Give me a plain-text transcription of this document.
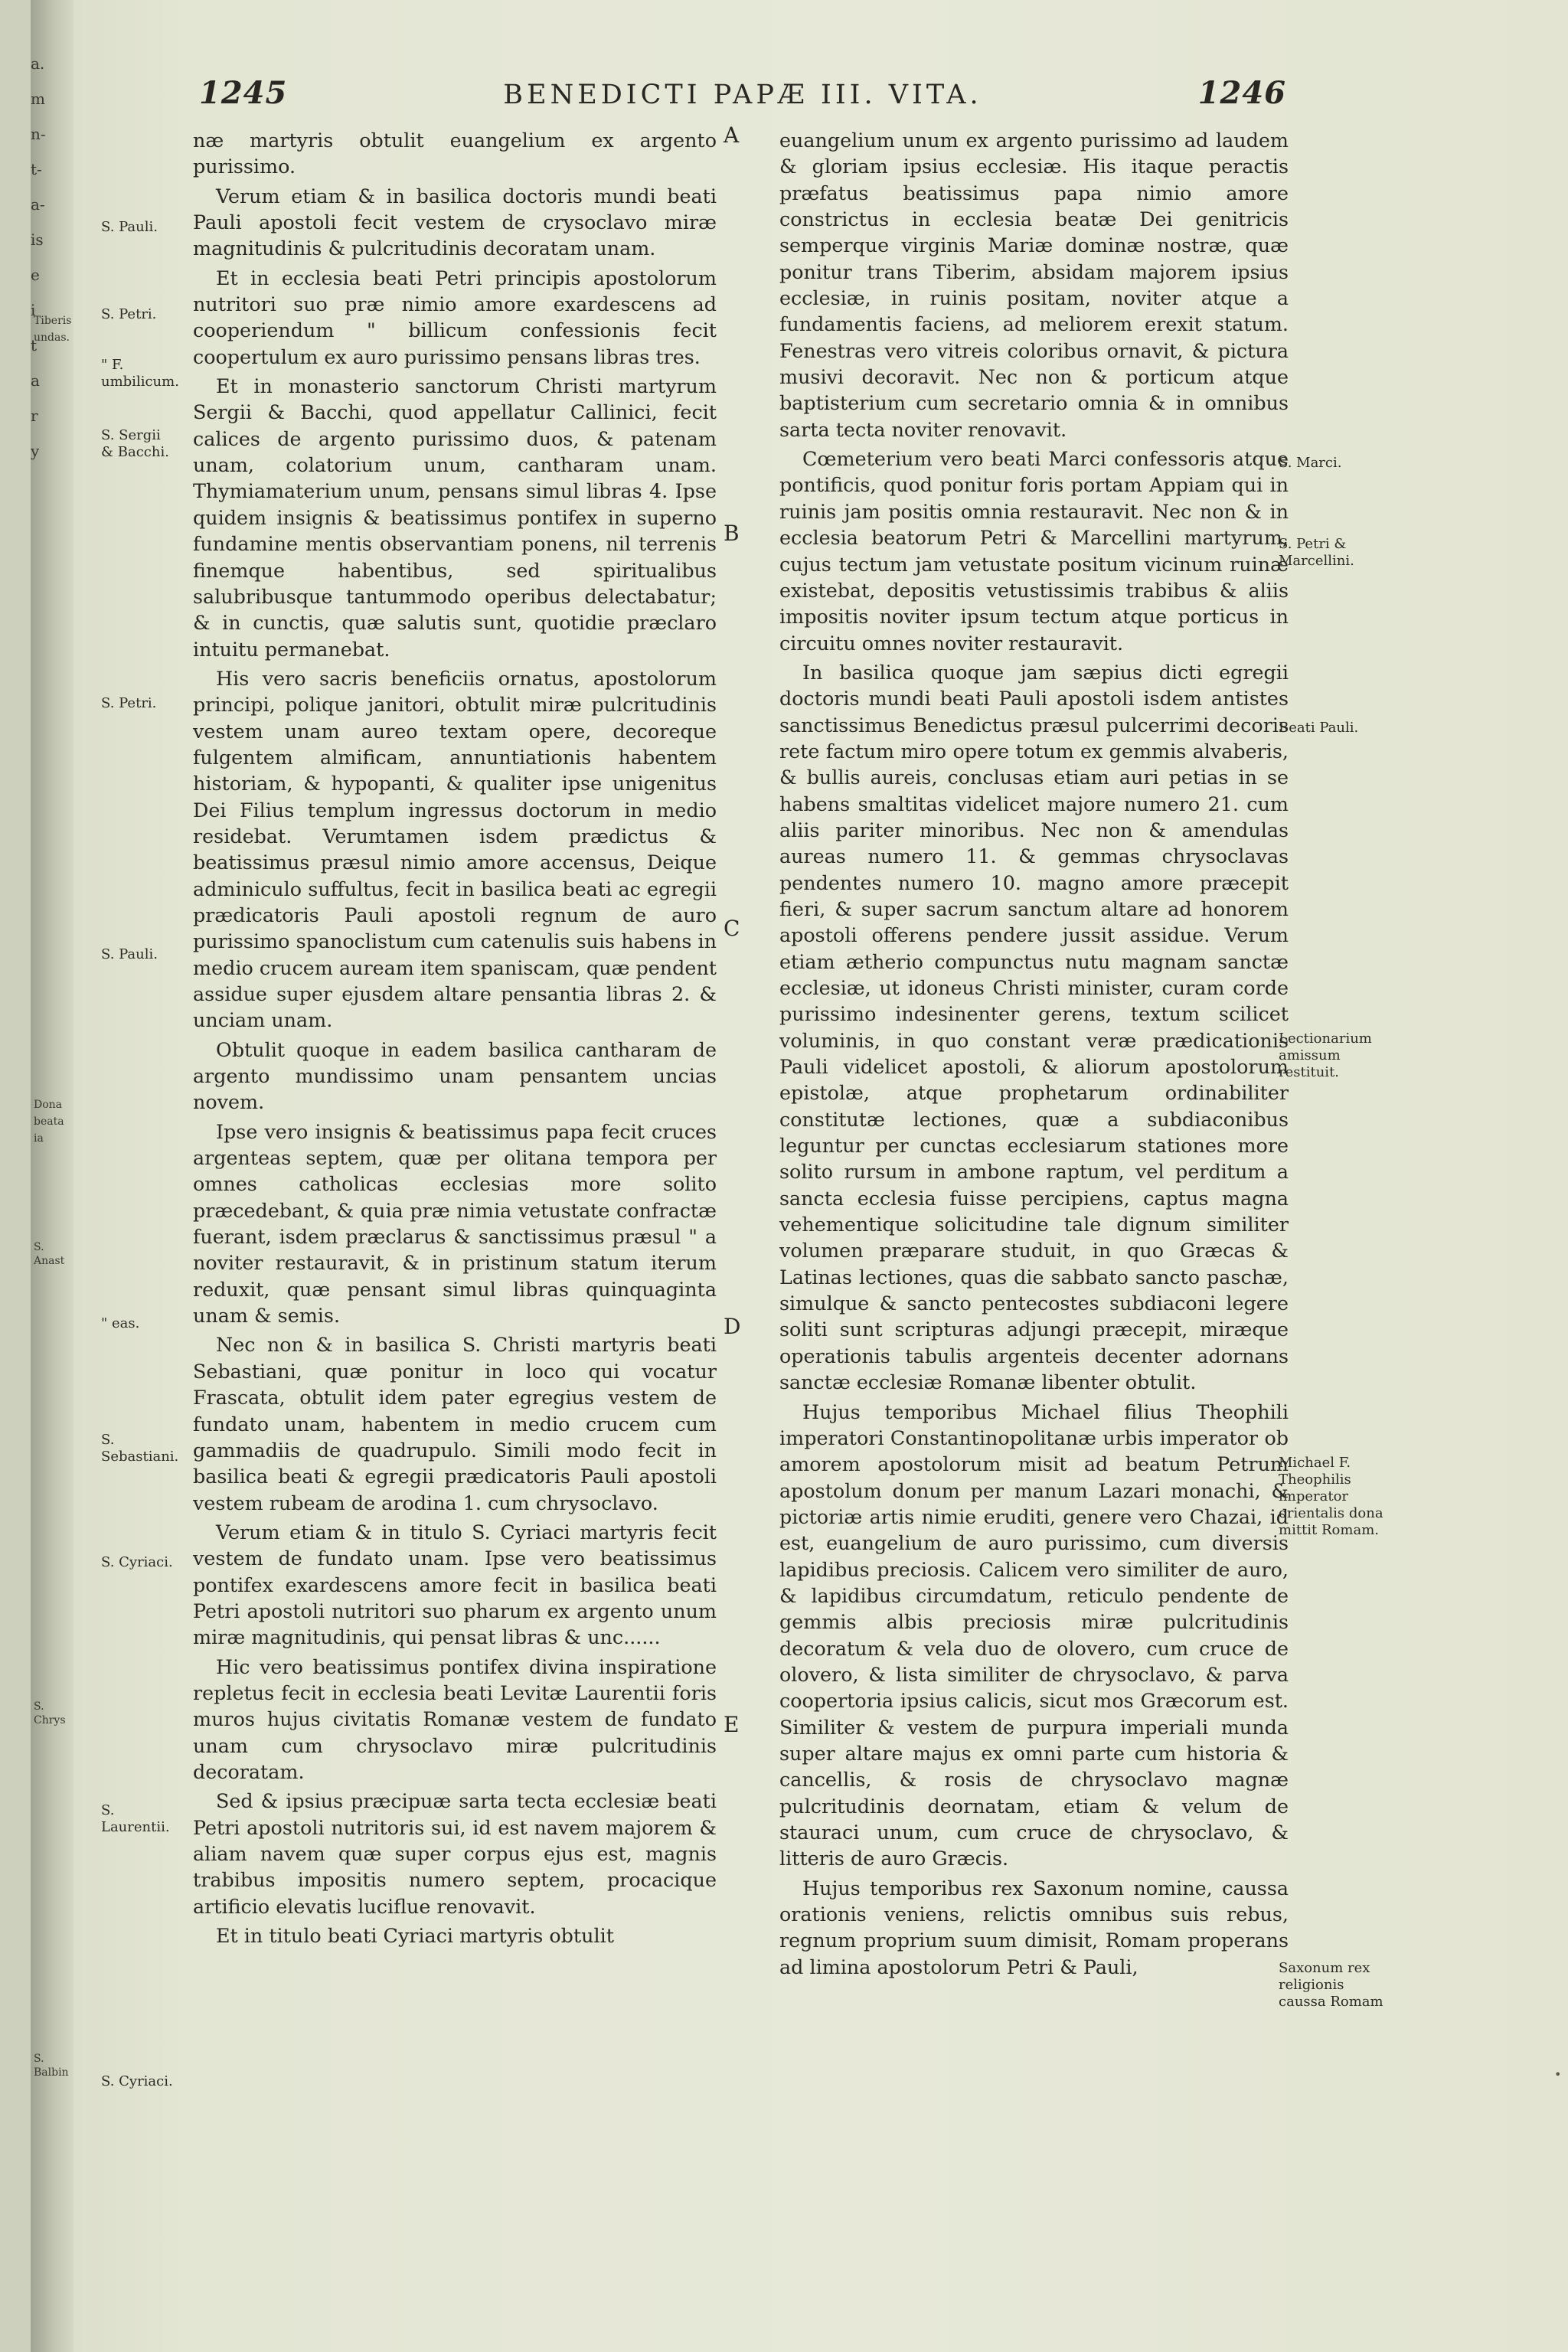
a.
m
n-
t-
a-
is
e
i
t
a
r
y
Tiberis
undas.
Dona
beata
ia
S. Anast
S. Chrys
S. Balbin
1245	BENEDICTI PAPÆ III. VITA.	1246

næ martyris obtulit euangelium ex argento purissimo.

Verum etiam & in basilica doctoris mundi beati Pauli apostoli fecit vestem de crysoclavo miræ magnitudinis & pulcritudinis decoratam unam.

Et in ecclesia beati Petri principis apostolorum nutritori suo præ nimio amore exardescens ad cooperiendum " billicum confessionis fecit coopertulum ex auro purissimo pensans libras tres.

Et in monasterio sanctorum Christi martyrum Sergii & Bacchi, quod appellatur Callinici, fecit calices de argento purissimo duos, & patenam unam, colatorium unum, cantharam unam. Thymiamaterium unum, pensans simul libras 4. Ipse quidem insignis & beatissimus pontifex in superno fundamine mentis observantiam ponens, nil terrenis finemque habentibus, sed spiritualibus salubribusque tantummodo operibus delectabatur; & in cunctis, quæ salutis sunt, quotidie præclaro intuitu permanebat.

His vero sacris beneficiis ornatus, apostolorum principi, polique janitori, obtulit miræ pulcritudinis vestem unam aureo textam opere, decoreque fulgentem almificam, annuntiationis habentem historiam, & hypopanti, & qualiter ipse unigenitus Dei Filius templum ingressus doctorum in medio residebat. Verumtamen isdem prædictus & beatissimus præsul nimio amore accensus, Deique adminiculo suffultus, fecit in basilica beati ac egregii prædicatoris Pauli apostoli regnum de auro purissimo spanoclistum cum catenulis suis habens in medio crucem auream item spaniscam, quæ pendent assidue super ejusdem altare pensantia libras 2. & unciam unam.

Obtulit quoque in eadem basilica cantharam de argento mundissimo unam pensantem uncias novem.

Ipse vero insignis & beatissimus papa fecit cruces argenteas septem, quæ per olitana tempora per omnes catholicas ecclesias more solito præcedebant, & quia præ nimia vetustate confractæ fuerant, isdem præclarus & sanctissimus præsul " a noviter restauravit, & in pristinum statum iterum reduxit, quæ pensant simul libras quinquaginta unam & semis.

Nec non & in basilica S. Christi martyris beati Sebastiani, quæ ponitur in loco qui vocatur Frascata, obtulit idem pater egregius vestem de fundato unam, habentem in medio crucem cum gammadiis de quadrupulo. Simili modo fecit in basilica beati & egregii prædicatoris Pauli apostoli vestem rubeam de arodina 1. cum chrysoclavo.

Verum etiam & in titulo S. Cyriaci martyris fecit vestem de fundato unam. Ipse vero beatissimus pontifex exardescens amore fecit in basilica beati Petri apostoli nutritori suo pharum ex argento unum miræ magnitudinis, qui pensat libras & unc......

Hic vero beatissimus pontifex divina inspiratione repletus fecit in ecclesia beati Levitæ Laurentii foris muros hujus civitatis Romanæ vestem de fundato unam cum chrysoclavo miræ pulcritudinis decoratam.

Sed & ipsius præcipuæ sarta tecta ecclesiæ beati Petri apostoli nutritoris sui, id est navem majorem & aliam navem quæ super corpus ejus est, magnis trabibus impositis numero septem, procacique artificio elevatis luciflue renovavit.

Et in titulo beati Cyriaci martyris obtulit

euangelium unum ex argento purissimo ad laudem & gloriam ipsius ecclesiæ. His itaque peractis præfatus beatissimus papa nimio amore constrictus in ecclesia beatæ Dei genitricis semperque virginis Mariæ dominæ nostræ, quæ ponitur trans Tiberim, absidam majorem ipsius ecclesiæ, in ruinis positam, noviter atque a fundamentis faciens, ad meliorem erexit statum. Fenestras vero vitreis coloribus ornavit, & pictura musivi decoravit. Nec non & porticum atque baptisterium cum secretario omnia & in omnibus sarta tecta noviter renovavit.

Cœmeterium vero beati Marci confessoris atque pontificis, quod ponitur foris portam Appiam qui in ruinis jam positis omnia restauravit. Nec non & in ecclesia beatorum Petri & Marcellini martyrum, cujus tectum jam vetustate positum vicinum ruinæ existebat, depositis vetustissimis trabibus & aliis impositis noviter ipsum tectum atque porticus in circuitu omnes noviter restauravit.

In basilica quoque jam sæpius dicti egregii doctoris mundi beati Pauli apostoli isdem antistes sanctissimus Benedictus præsul pulcerrimi decoris rete factum miro opere totum ex gemmis alvaberis, & bullis aureis, conclusas etiam auri petias in se habens smaltitas videlicet majore numero 21. cum aliis pariter minoribus. Nec non & amendulas aureas numero 11. & gemmas chrysoclavas pendentes numero 10. magno amore præcepit fieri, & super sacrum sanctum altare ad honorem apostoli offerens pendere jussit assidue. Verum etiam ætherio compunctus nutu magnam sanctæ ecclesiæ, ut idoneus Christi minister, curam corde purissimo indesinenter gerens, textum scilicet voluminis, in quo constant veræ prædicationis Pauli videlicet apostoli, & aliorum apostolorum epistolæ, atque prophetarum ordinabiliter constitutæ lectiones, quæ a subdiaconibus leguntur per cunctas ecclesiarum stationes more solito rursum in ambone raptum, vel perditum a sancta ecclesia fuisse percipiens, captus magna vehementique solicitudine tale dignum similiter volumen præparare studuit, in quo Græcas & Latinas lectiones, quas die sabbato sancto paschæ, simulque & sancto pentecostes subdiaconi legere soliti sunt scripturas adjungi præcepit, miræque operationis tabulis argenteis decenter adornans sanctæ ecclesiæ Romanæ libenter obtulit.

Hujus temporibus Michael filius Theophili imperatori Constantinopolitanæ urbis imperator ob amorem apostolorum misit ad beatum Petrum apostolum donum per manum Lazari monachi, & pictoriæ artis nimie eruditi, genere vero Chazai, id est, euangelium de auro purissimo, cum diversis lapidibus preciosis. Calicem vero similiter de auro, & lapidibus circumdatum, reticulo pendente de gemmis albis preciosis miræ pulcritudinis decoratum & vela duo de olovero, cum cruce de olovero, & lista similiter de chrysoclavo, & parva coopertoria ipsius calicis, sicut mos Græcorum est. Similiter & vestem de purpura imperiali munda super altare majus ex omni parte cum historia & cancellis, & rosis de chrysoclavo magnæ pulcritudinis deornatam, etiam & velum de stauraci unum, cum cruce de chrysoclavo, & litteris de auro Græcis.

Hujus temporibus rex Saxonum nomine, caussa orationis veniens, relictis omnibus suis rebus, regnum proprium suum dimisit, Romam properans ad limina apostolorum Petri & Pauli,

A
B
C
D
E
S. Pauli.
S. Petri.
" F. umbilicum.
S. Sergii & Bacchi.
S. Petri.
S. Pauli.
" eas.
S. Sebastiani.
S. Cyriaci.
S. Laurentii.
S. Cyriaci.
S. Marci.
S. Petri & Marcellini.
Beati Pauli.
Lectionarium amissum restituit.
Michael F. Theophilis imperator orientalis dona mittit Romam.
Saxonum rex religionis caussa Romam
•
